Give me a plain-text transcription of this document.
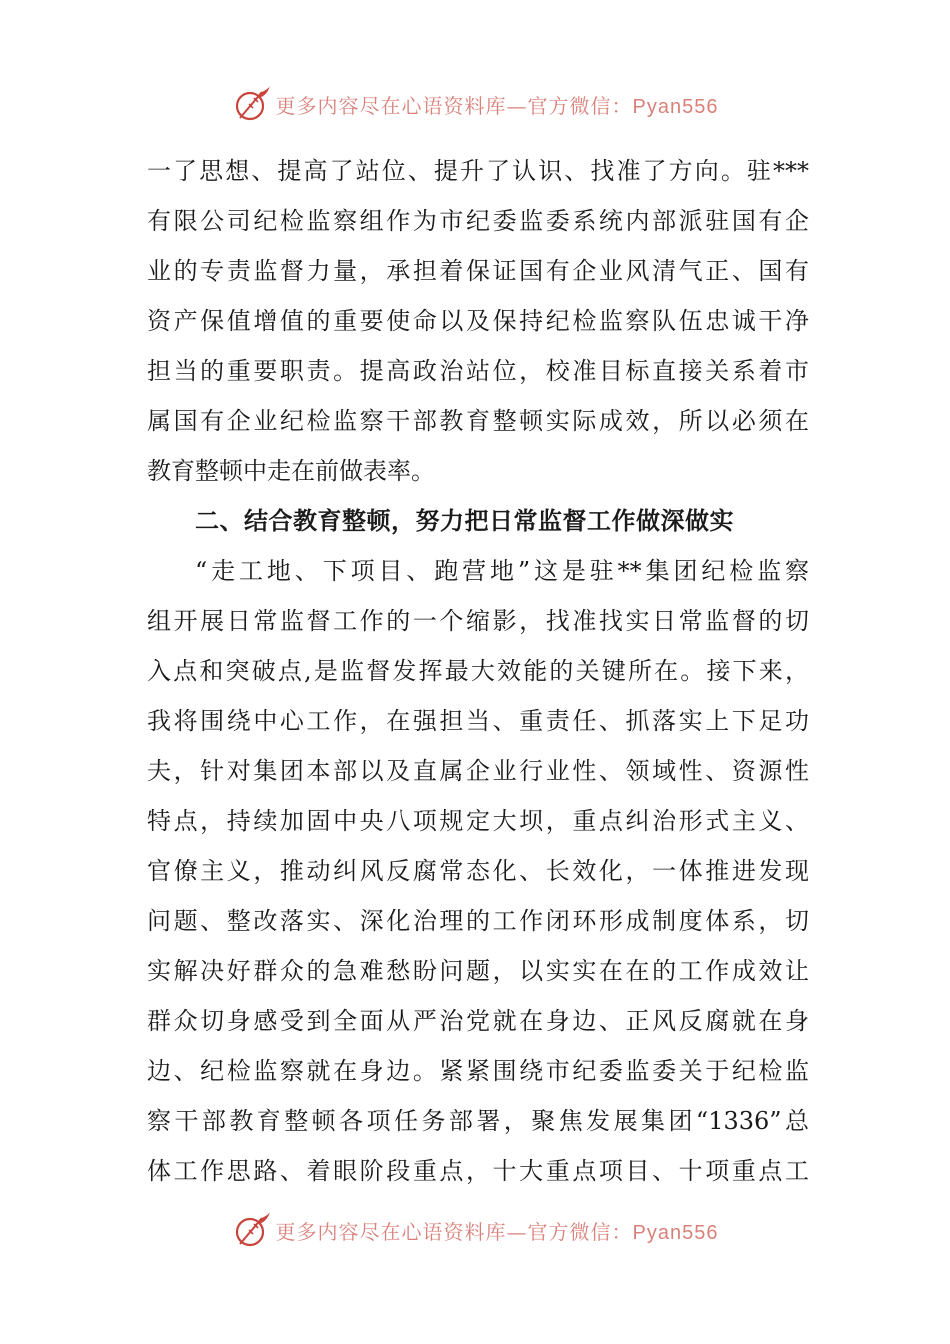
更多内容尽在心语资料库—官方微信：Pyan556
一了思想、提高了站位、提升了认识、找准了方向。驻***
有限公司纪检监察组作为市纪委监委系统内部派驻国有企
业的专责监督力量，承担着保证国有企业风清气正、国有
资产保值增值的重要使命以及保持纪检监察队伍忠诚干净
担当的重要职责。提高政治站位，校准目标直接关系着市
属国有企业纪检监察干部教育整顿实际成效，所以必须在
教育整顿中走在前做表率。
二、结合教育整顿，努力把日常监督工作做深做实
“走工地、下项目、跑营地”这是驻**集团纪检监察
组开展日常监督工作的一个缩影，找准找实日常监督的切
入点和突破点,是监督发挥最大效能的关键所在。接下来，
我将围绕中心工作，在强担当、重责任、抓落实上下足功
夫，针对集团本部以及直属企业行业性、领域性、资源性
特点，持续加固中央八项规定大坝，重点纠治形式主义、
官僚主义，推动纠风反腐常态化、长效化，一体推进发现
问题、整改落实、深化治理的工作闭环形成制度体系，切
实解决好群众的急难愁盼问题，以实实在在的工作成效让
群众切身感受到全面从严治党就在身边、正风反腐就在身
边、纪检监察就在身边。紧紧围绕市纪委监委关于纪检监
察干部教育整顿各项任务部署，聚焦发展集团“1336”总
体工作思路、着眼阶段重点，十大重点项目、十项重点工
更多内容尽在心语资料库—官方微信：Pyan556
